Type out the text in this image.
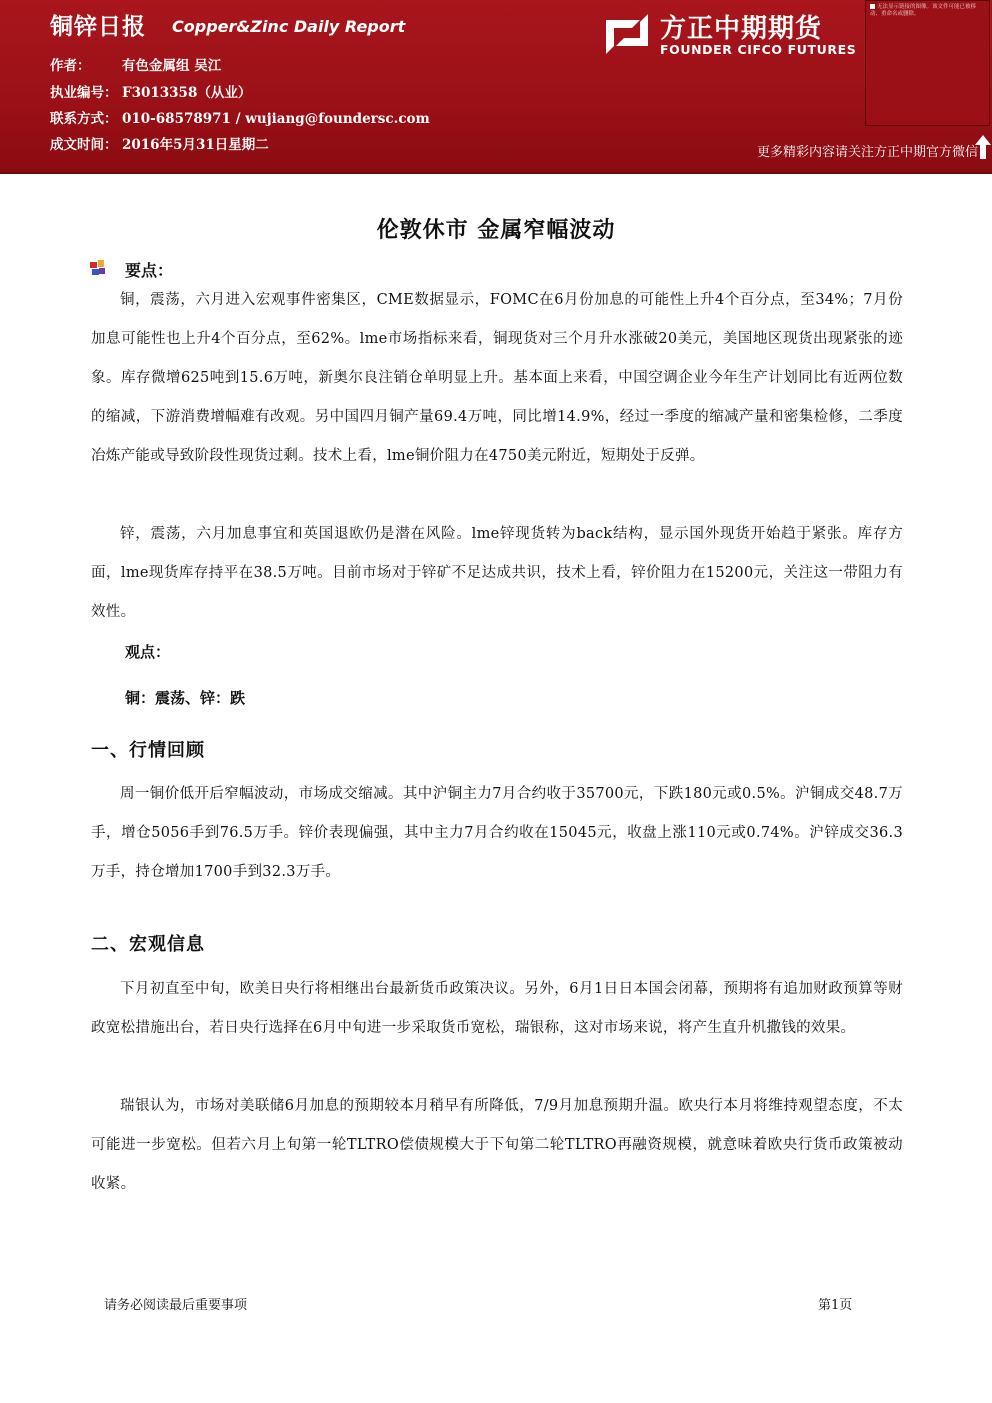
铜锌日报 Copper&Zinc Daily Report
作者： 有色金属组 吴江
执业编号： F3013358（从业）
联系方式： 010-68578971 / wujiang@foundersc.com
成文时间： 2016年5月31日星期二
方正中期期货
FOUNDER CIFCO FUTURES
无法显示链接的图像。该文件可能已被移动、重命名或删除。
更多精彩内容请关注方正中期官方微信
伦敦休市 金属窄幅波动
要点：

铜，震荡，六月进入宏观事件密集区，CME数据显示，FOMC在6月份加息的可能性上升4个百分点，至34%；7月份加息可能性也上升4个百分点，至62%。lme市场指标来看，铜现货对三个月升水涨破20美元，美国地区现货出现紧张的迹象。库存微增625吨到15.6万吨，新奥尔良注销仓单明显上升。基本面上来看，中国空调企业今年生产计划同比有近两位数的缩减，下游消费增幅难有改观。另中国四月铜产量69.4万吨，同比增14.9%，经过一季度的缩减产量和密集检修，二季度冶炼产能或导致阶段性现货过剩。技术上看，lme铜价阻力在4750美元附近，短期处于反弹。

锌，震荡，六月加息事宜和英国退欧仍是潜在风险。lme锌现货转为back结构，显示国外现货开始趋于紧张。库存方面，lme现货库存持平在38.5万吨。目前市场对于锌矿不足达成共识，技术上看，锌价阻力在15200元，关注这一带阻力有效性。

观点：
铜：震荡、锌：跌
一、行情回顾

周一铜价低开后窄幅波动，市场成交缩减。其中沪铜主力7月合约收于35700元，下跌180元或0.5%。沪铜成交48.7万手，增仓5056手到76.5万手。锌价表现偏强，其中主力7月合约收在15045元，收盘上涨110元或0.74%。沪锌成交36.3万手，持仓增加1700手到32.3万手。

二、宏观信息

下月初直至中旬，欧美日央行将相继出台最新货币政策决议。另外，6月1日日本国会闭幕，预期将有追加财政预算等财政宽松措施出台，若日央行选择在6月中旬进一步采取货币宽松，瑞银称，这对市场来说，将产生直升机撒钱的效果。

瑞银认为，市场对美联储6月加息的预期较本月稍早有所降低，7/9月加息预期升温。欧央行本月将维持观望态度，不太可能进一步宽松。但若六月上旬第一轮TLTRO偿债规模大于下旬第二轮TLTRO再融资规模，就意味着欧央行货币政策被动收紧。

请务必阅读最后重要事项	第1页
